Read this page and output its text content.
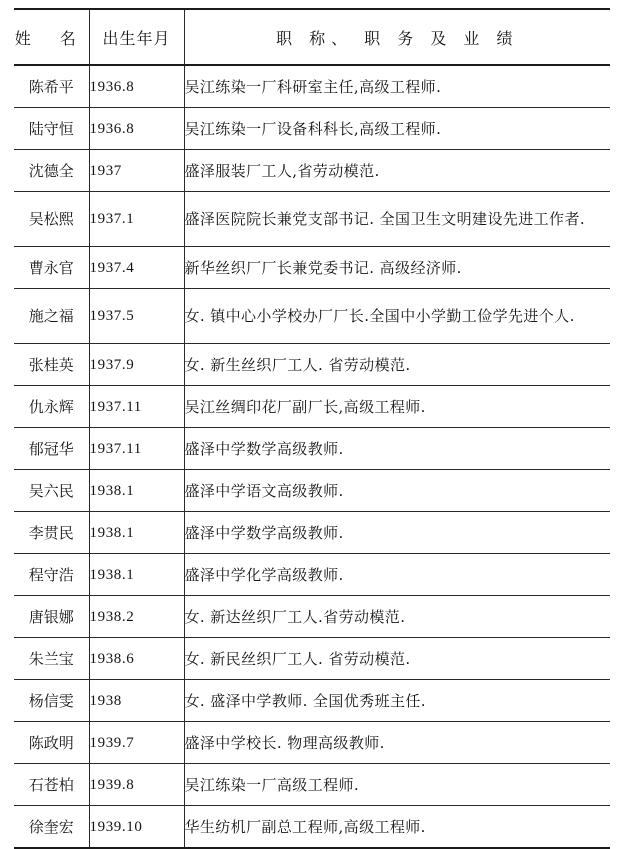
姓 名	出生年月	职 称、 职 务 及 业 绩
陈希平	1936.8	吴江练染一厂科研室主任,高级工程师.
陆守恒	1936.8	吴江练染一厂设备科科长,高级工程师.
沈德全	1937	盛泽服装厂工人,省劳动模范.
吴松熙	1937.1	盛泽医院院长兼党支部书记. 全国卫生文明建设先进工作者.
曹永官	1937.4	新华丝织厂厂长兼党委书记. 高级经济师.
施之福	1937.5	女. 镇中心小学校办厂厂长.全国中小学勤工俭学先进个人.
张桂英	1937.9	女. 新生丝织厂工人. 省劳动模范.
仇永辉	1937.11	吴江丝绸印花厂副厂长,高级工程师.
郁冠华	1937.11	盛泽中学数学高级教师.
吴六民	1938.1	盛泽中学语文高级教师.
李贯民	1938.1	盛泽中学数学高级教师.
程守浩	1938.1	盛泽中学化学高级教师.
唐银娜	1938.2	女. 新达丝织厂工人.省劳动模范.
朱兰宝	1938.6	女. 新民丝织厂工人. 省劳动模范.
杨信雯	1938	女. 盛泽中学教师. 全国优秀班主任.
陈政明	1939.7	盛泽中学校长. 物理高级教师.
石苍柏	1939.8	吴江练染一厂高级工程师.
徐奎宏	1939.10	华生纺机厂副总工程师,高级工程师.
